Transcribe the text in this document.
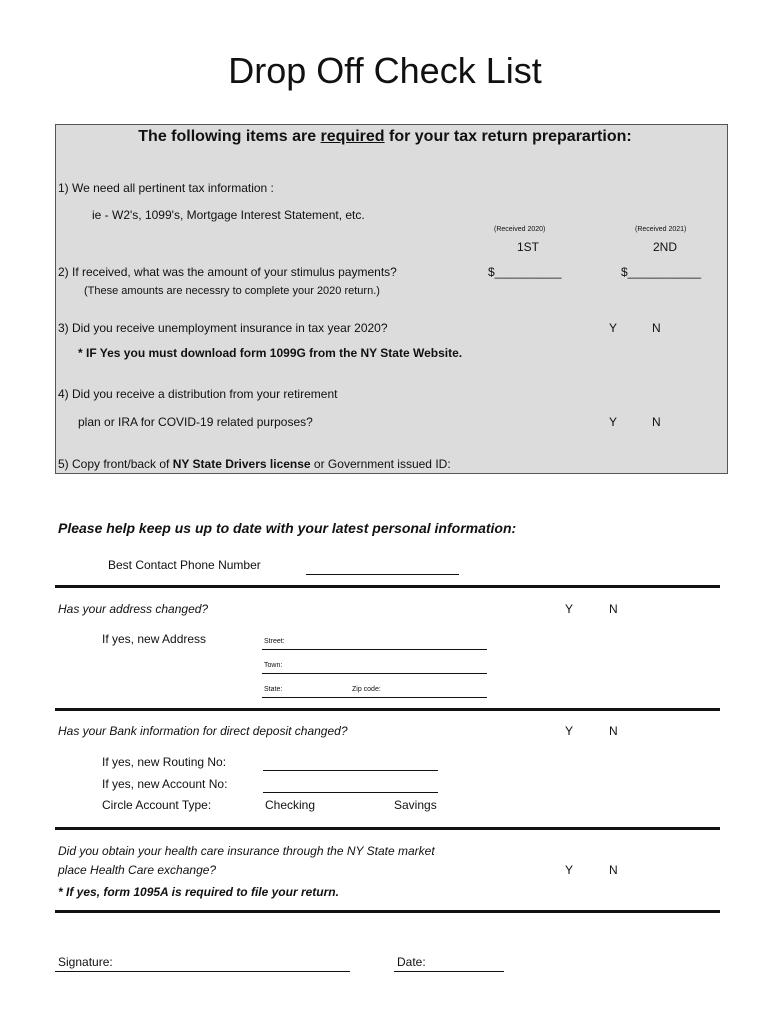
Drop Off Check List
The following items are required for your tax return preparartion:
1) We need all pertinent tax information :
ie - W2's, 1099's, Mortgage Interest Statement, etc.
(Received 2020)	(Received 2021)
1ST	2ND
2) If received, what was the amount of your stimulus payments?	$__________	$___________
(These amounts are necessry to complete your 2020 return.)
3) Did you receive unemployment insurance in tax year 2020?	Y	N
* IF Yes you must download form 1099G from the NY State Website.
4) Did you receive a distribution from your retirement
plan or IRA for COVID-19 related purposes?	Y	N
5) Copy front/back of NY State Drivers license or Government issued ID:
Please help keep us up to date with your latest personal information:
Best Contact Phone Number
Has your address changed?	Y	N
If yes, new Address	Street:
Town:
State:	Zip code:
Has your Bank information for direct deposit changed?	Y	N
If yes, new Routing No:
If yes, new Account No:
Circle Account Type:	Checking	Savings
Did you obtain your health care insurance through the NY State market
place Health Care exchange?	Y	N
* If yes, form 1095A is required to file your return.
Signature:	Date:
